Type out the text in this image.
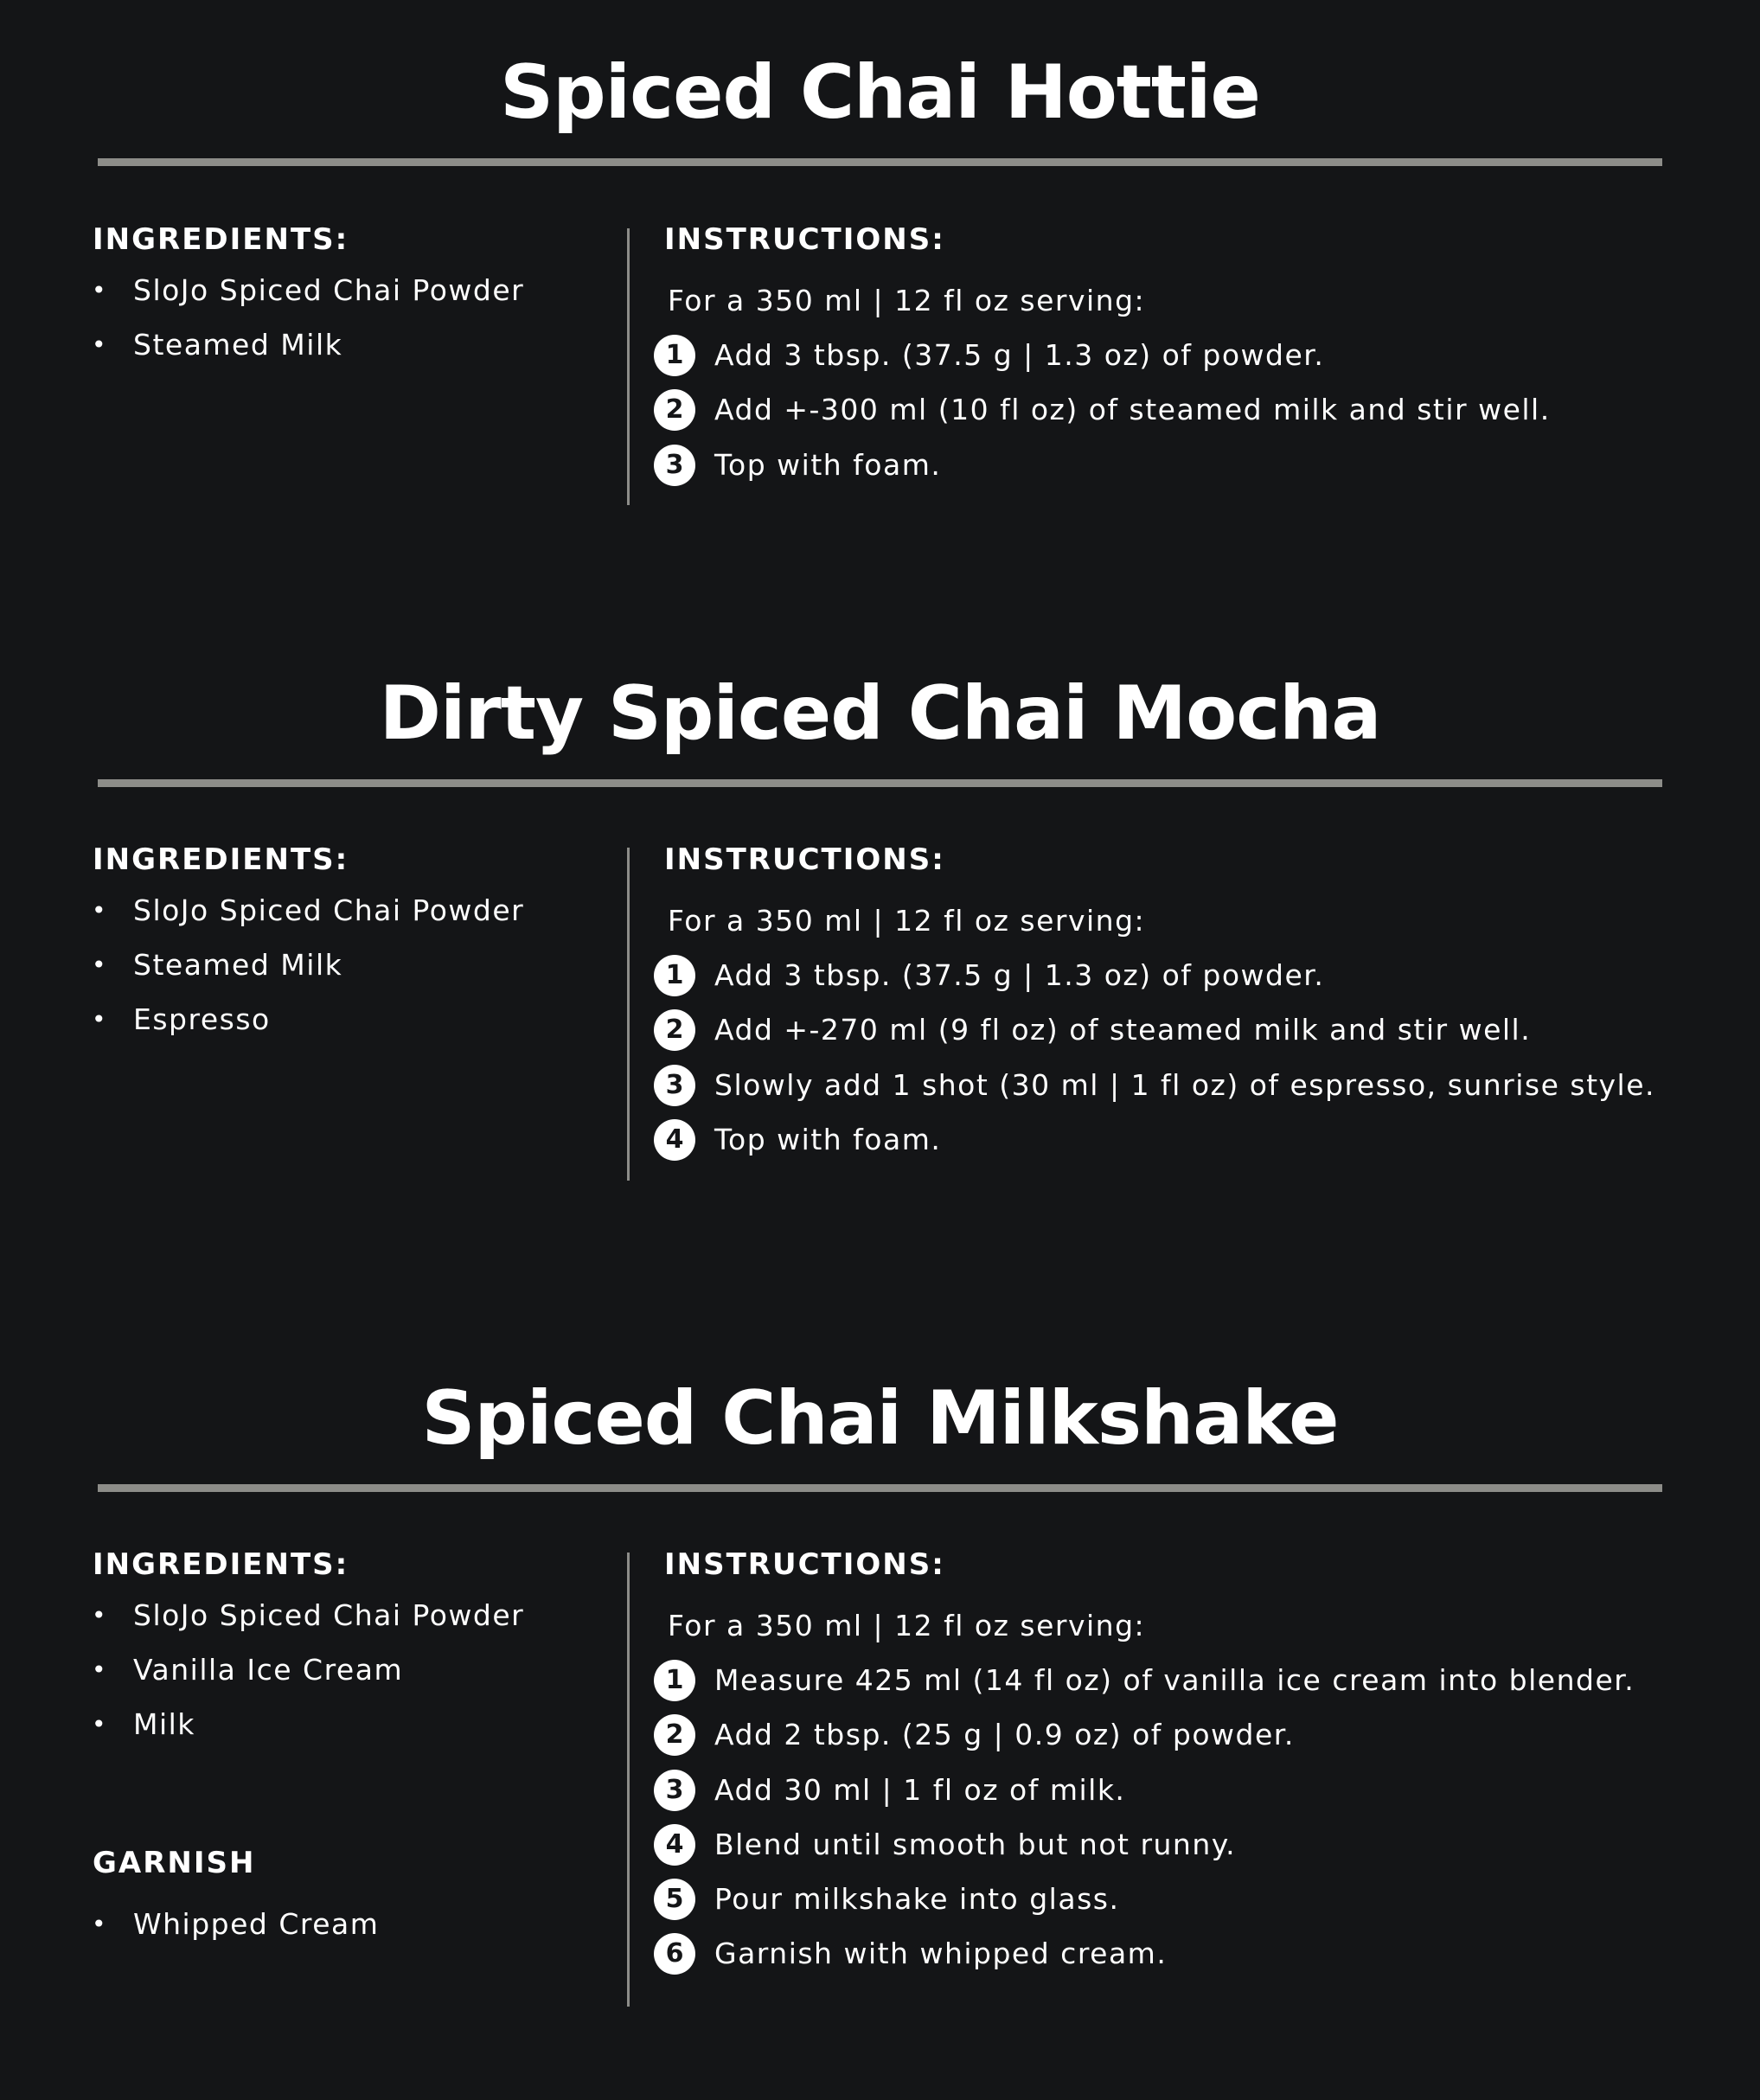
Spiced Chai Hottie
INGREDIENTS:
• SloJo Spiced Chai Powder
• Steamed Milk
INSTRUCTIONS:

For a 350 ml | 12 fl oz serving:

1	Add 3 tbsp. (37.5 g | 1.3 oz) of powder.
2	Add +-300 ml (10 fl oz) of steamed milk and stir well.
3	Top with foam.
Dirty Spiced Chai Mocha
INGREDIENTS:
• SloJo Spiced Chai Powder
• Steamed Milk
• Espresso
INSTRUCTIONS:

For a 350 ml | 12 fl oz serving:

1	Add 3 tbsp. (37.5 g | 1.3 oz) of powder.
2	Add +-270 ml (9 fl oz) of steamed milk and stir well.
3	Slowly add 1 shot (30 ml | 1 fl oz) of espresso, sunrise style.
4	Top with foam.
Spiced Chai Milkshake
INGREDIENTS:
• SloJo Spiced Chai Powder
• Vanilla Ice Cream
• Milk
GARNISH
• Whipped Cream
INSTRUCTIONS:

For a 350 ml | 12 fl oz serving:

1	Measure 425 ml (14 fl oz) of vanilla ice cream into blender.
2	Add 2 tbsp. (25 g | 0.9 oz) of powder.
3	Add 30 ml | 1 fl oz of milk.
4	Blend until smooth but not runny.
5	Pour milkshake into glass.
6	Garnish with whipped cream.
